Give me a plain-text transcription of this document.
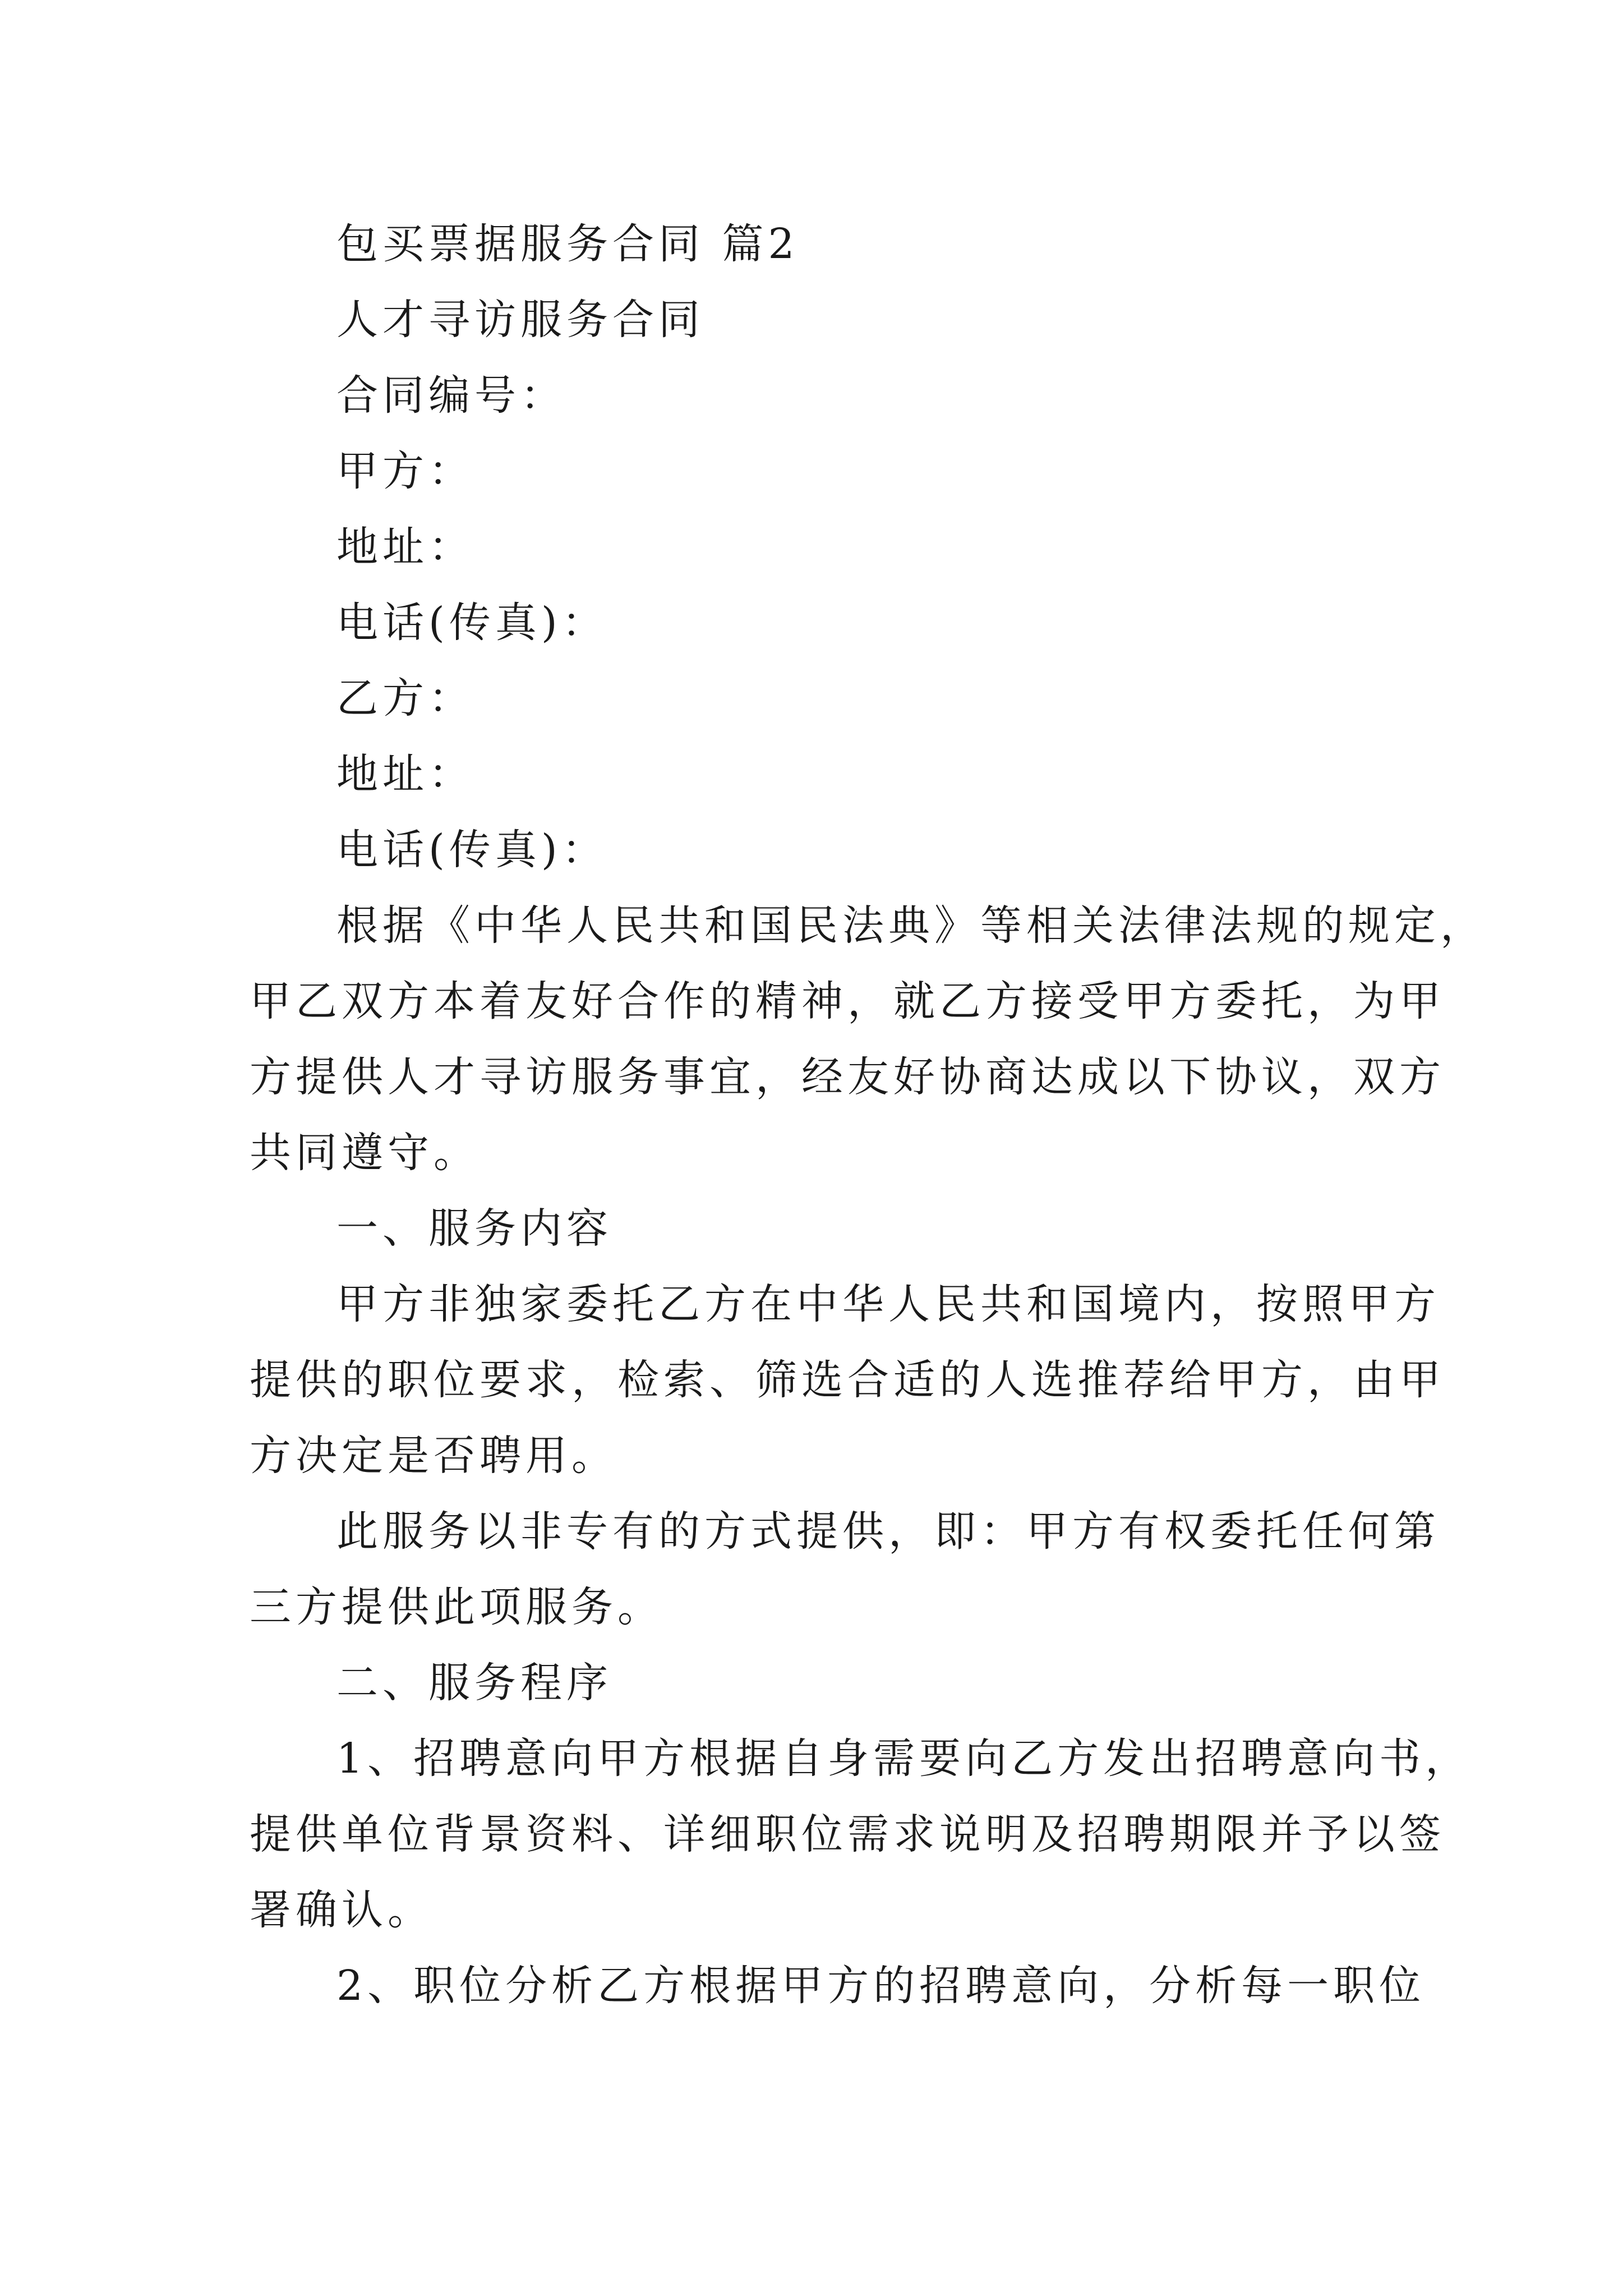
包买票据服务合同 篇2
人才寻访服务合同
合同编号：
甲方：
地址：
电话(传真)：
乙方：
地址：
电话(传真)：
根据《中华人民共和国民法典》等相关法律法规的规定，
甲乙双方本着友好合作的精神，就乙方接受甲方委托，为甲
方提供人才寻访服务事宜，经友好协商达成以下协议，双方
共同遵守。
一、服务内容
甲方非独家委托乙方在中华人民共和国境内，按照甲方
提供的职位要求，检索、筛选合适的人选推荐给甲方，由甲
方决定是否聘用。
此服务以非专有的方式提供，即：甲方有权委托任何第
三方提供此项服务。
二、服务程序
1、招聘意向甲方根据自身需要向乙方发出招聘意向书，
提供单位背景资料、详细职位需求说明及招聘期限并予以签
署确认。
2、职位分析乙方根据甲方的招聘意向，分析每一职位
